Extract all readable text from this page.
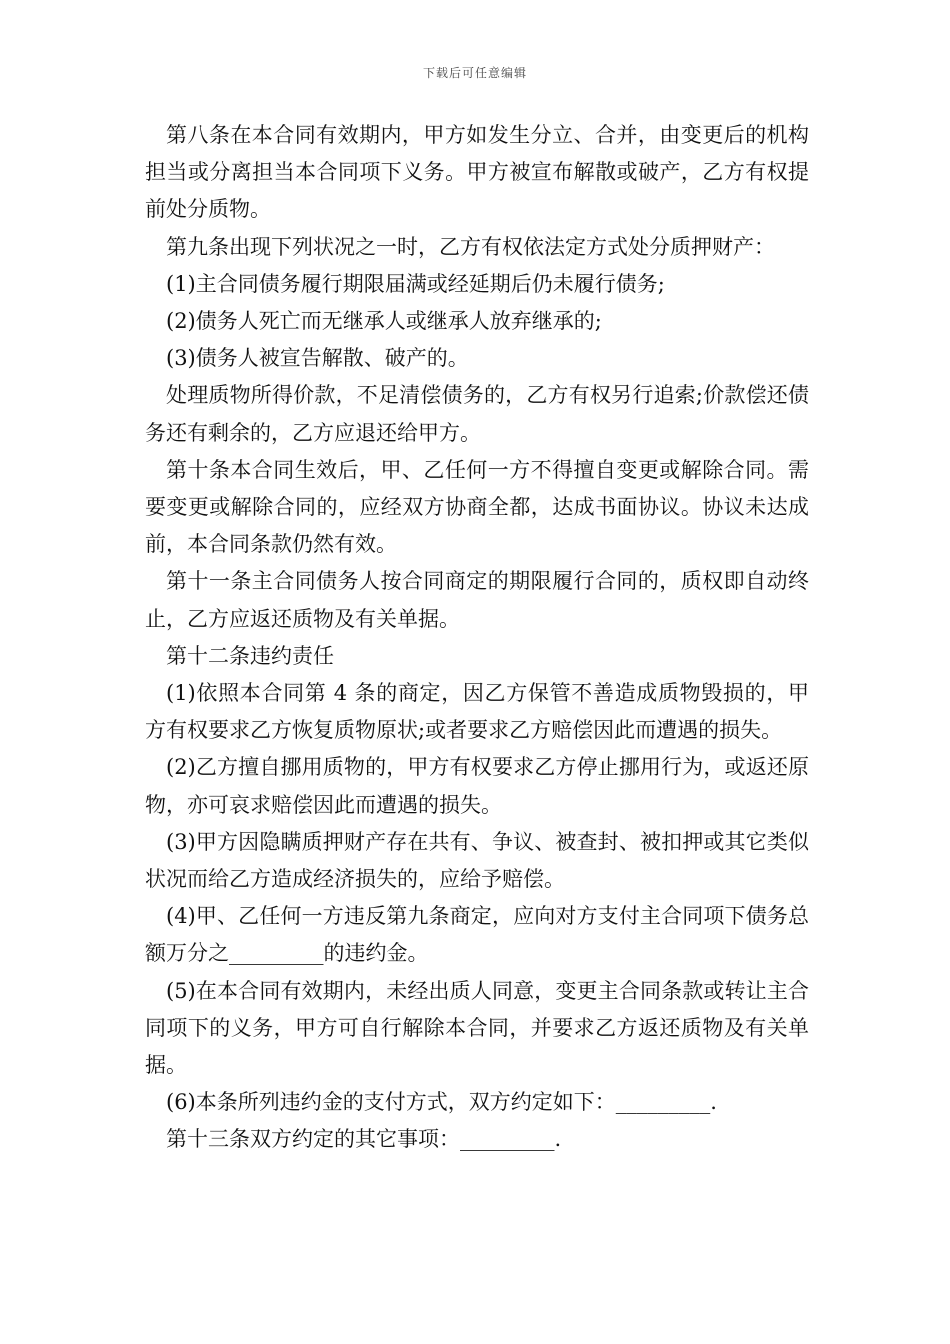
下载后可任意编辑

第八条在本合同有效期内，甲方如发生分立、合并，由变更后的机构担当或分离担当本合同项下义务。甲方被宣布解散或破产，乙方有权提前处分质物。

第九条出现下列状况之一时，乙方有权依法定方式处分质押财产：

(1)主合同债务履行期限届满或经延期后仍未履行债务;

(2)债务人死亡而无继承人或继承人放弃继承的;

(3)债务人被宣告解散、破产的。

处理质物所得价款，不足清偿债务的，乙方有权另行追索;价款偿还债务还有剩余的，乙方应退还给甲方。

第十条本合同生效后，甲、乙任何一方不得擅自变更或解除合同。需要变更或解除合同的，应经双方协商全都，达成书面协议。协议未达成前，本合同条款仍然有效。

第十一条主合同债务人按合同商定的期限履行合同的，质权即自动终止，乙方应返还质物及有关单据。

第十二条违约责任

(1)依照本合同第 4 条的商定，因乙方保管不善造成质物毁损的，甲方有权要求乙方恢复质物原状;或者要求乙方赔偿因此而遭遇的损失。

(2)乙方擅自挪用质物的，甲方有权要求乙方停止挪用行为，或返还原物，亦可哀求赔偿因此而遭遇的损失。

(3)甲方因隐瞒质押财产存在共有、争议、被查封、被扣押或其它类似状况而给乙方造成经济损失的，应给予赔偿。

(4)甲、乙任何一方违反第九条商定，应向对方支付主合同项下债务总额万分之_________的违约金。

(5)在本合同有效期内，未经出质人同意，变更主合同条款或转让主合同项下的义务，甲方可自行解除本合同，并要求乙方返还质物及有关单据。

(6)本条所列违约金的支付方式，双方约定如下：_________.

第十三条双方约定的其它事项：_________.
